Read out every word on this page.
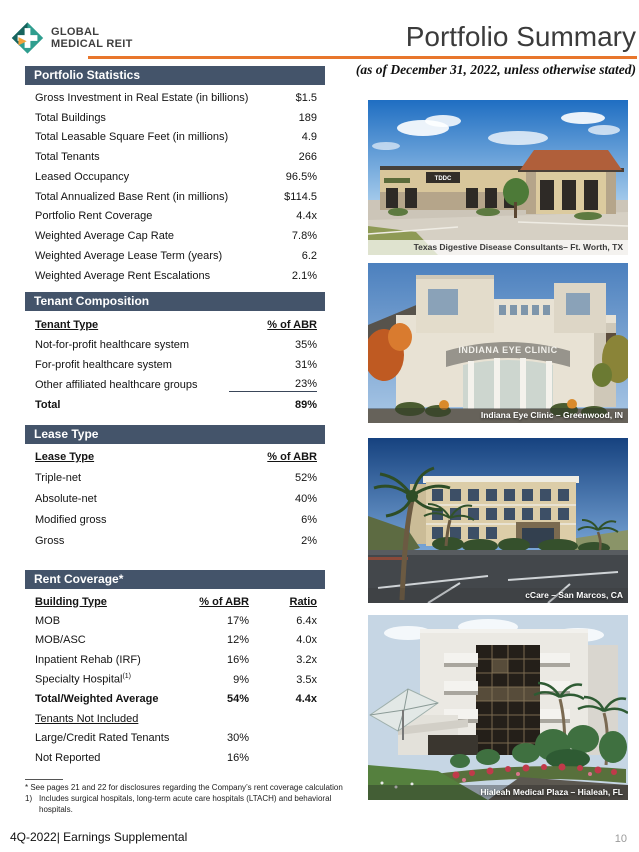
GLOBAL
MEDICAL REIT	Portfolio Summary
(as of December 31, 2022, unless otherwise stated)
Portfolio Statistics
Gross Investment in Real Estate (in billions)	$1.5
Total Buildings	189
Total Leasable Square Feet (in millions)	4.9
Total Tenants	266
Leased Occupancy	96.5%
Total Annualized Base Rent (in millions)	$114.5
Portfolio Rent Coverage	4.4x
Weighted Average Cap Rate	7.8%
Weighted Average Lease Term (years)	6.2
Weighted Average Rent Escalations	2.1%
Tenant Composition
Tenant Type	% of ABR
Not-for-profit healthcare system	35%
For-profit healthcare system	31%
Other affiliated healthcare groups	23%
Total	89%
Lease Type
Lease Type	% of ABR
Triple-net	52%
Absolute-net	40%
Modified gross	6%
Gross	2%
Rent Coverage*
Building Type	% of ABR	Ratio
MOB	17%	6.4x
MOB/ASC	12%	4.0x
Inpatient Rehab (IRF)	16%	3.2x
Specialty Hospital$^{(1)}$	9%	3.5x
Total/Weighted Average	54%	4.4x
Tenants Not Included
Large/Credit Rated Tenants	30%
Not Reported	16%
* See pages 21 and 22 for disclosures regarding the Company’s rent coverage calculation
1) Includes surgical hospitals, long-term acute care hospitals (LTACH) and behavioral hospitals.
4Q-2022| Earnings Supplemental	10
TDDC
Texas Digestive Disease Consultants– Ft. Worth, TX
INDIANA EYE CLINIC
Indiana Eye Clinic – Greenwood, IN
cCare – San Marcos, CA
Hialeah Medical Plaza – Hialeah, FL
